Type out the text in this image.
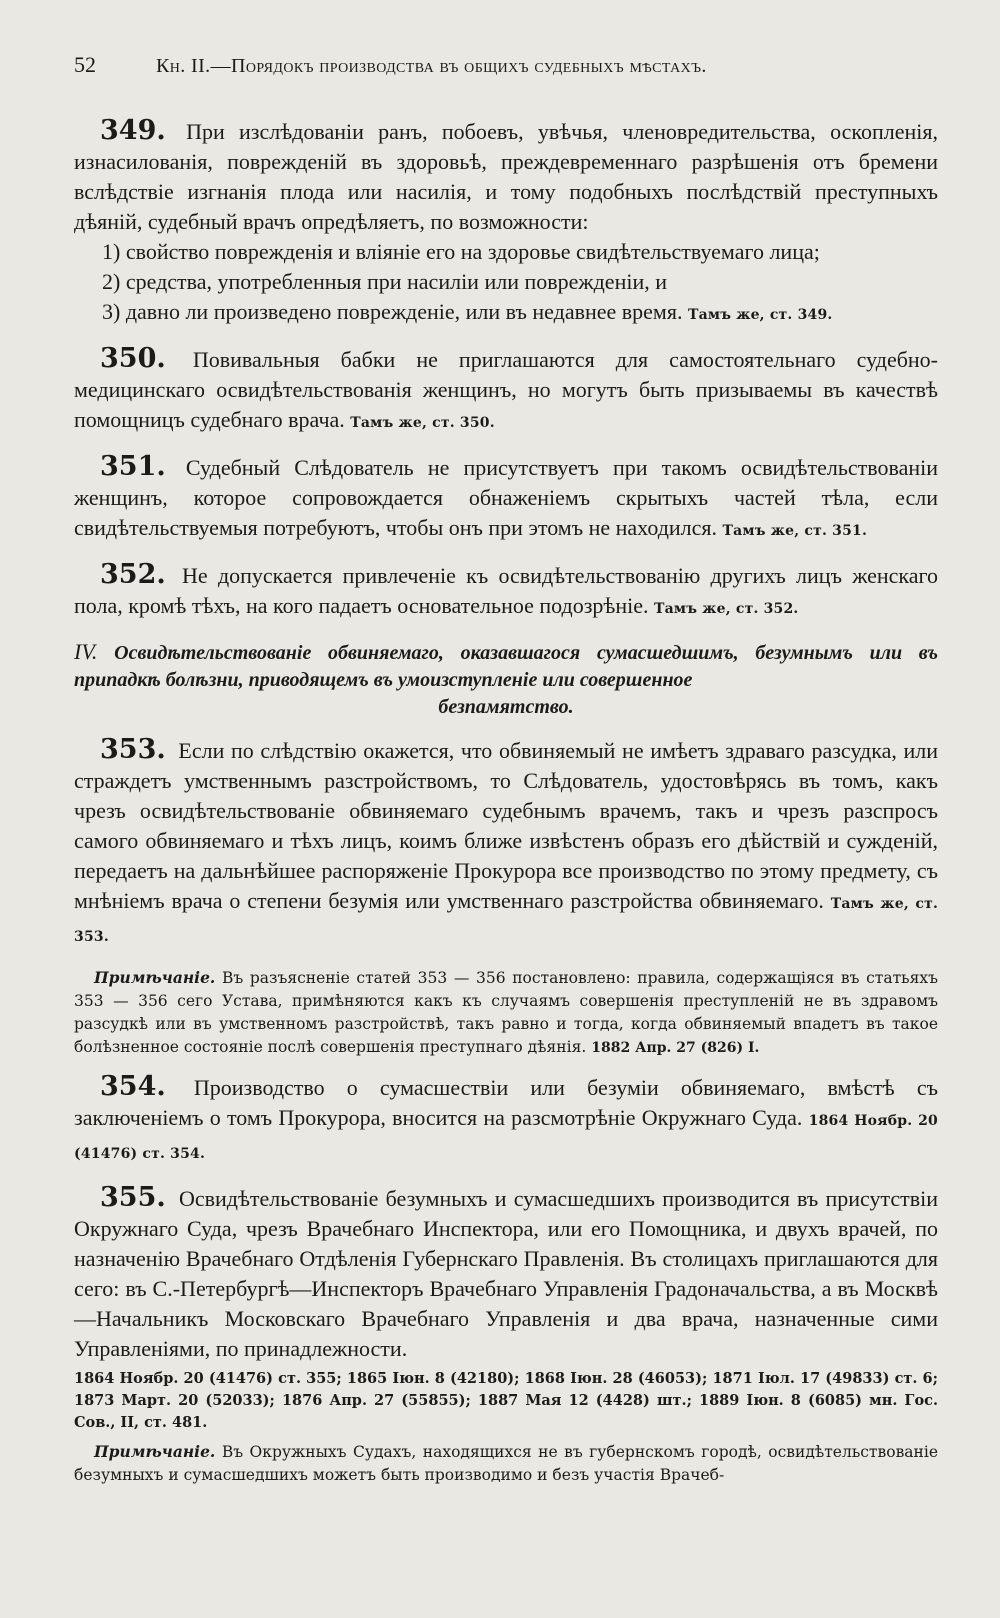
52	Кн. II.—Порядокъ производства въ общихъ судебныхъ мѣстахъ.

349. При изслѣдованіи ранъ, побоевъ, увѣчья, членовредительства, оскопленія, изнасилованія, поврежденій въ здоровьѣ, преждевременнаго разрѣшенія отъ бремени вслѣдствіе изгнанія плода или насилія, и тому подобныхъ послѣдствій преступныхъ дѣяній, судебный врачъ опредѣляетъ, по возможности:

1) свойство поврежденія и вліяніе его на здоровье свидѣтельствуемаго лица;
2) средства, употребленныя при насиліи или поврежденіи, и
3) давно ли произведено поврежденіе, или въ недавнее время. Тамъ же, ст. 349.

350. Повивальныя бабки не приглашаются для самостоятельнаго судебно-медицинскаго освидѣтельствованія женщинъ, но могутъ быть призываемы въ качествѣ помощницъ судебнаго врача. Тамъ же, ст. 350.

351. Судебный Слѣдователь не присутствуетъ при такомъ освидѣтельствованіи женщинъ, которое сопровождается обнаженіемъ скрытыхъ частей тѣла, если свидѣтельствуемыя потребуютъ, чтобы онъ при этомъ не находился. Тамъ же, ст. 351.

352. Не допускается привлеченіе къ освидѣтельствованію другихъ лицъ женскаго пола, кромѣ тѣхъ, на кого падаетъ основательное подозрѣніе. Тамъ же, ст. 352.

IV. Освидѣтельствованіе обвиняемаго, оказавшагося сумасшедшимъ, безумнымъ или въ припадкѣ болѣзни, приводящемъ въ умоизступленіе или совершенное
безпамятство.

353. Если по слѣдствію окажется, что обвиняемый не имѣетъ здраваго разсудка, или страждетъ умственнымъ разстройствомъ, то Слѣдователь, удостовѣрясь въ томъ, какъ чрезъ освидѣтельствованіе обвиняемаго судебнымъ врачемъ, такъ и чрезъ разспросъ самого обвиняемаго и тѣхъ лицъ, коимъ ближе извѣстенъ образъ его дѣйствій и сужденій, передаетъ на дальнѣйшее распоряженіе Прокурора все производство по этому предмету, съ мнѣніемъ врача о степени безумія или умственнаго разстройства обвиняемаго. Тамъ же, ст. 353.

Примѣчаніе. Въ разъясненіе статей 353 — 356 постановлено: правила, содержащіяся въ статьяхъ 353 — 356 сего Устава, примѣняются какъ къ случаямъ совершенія преступленій не въ здравомъ разсудкѣ или въ умственномъ разстройствѣ, такъ равно и тогда, когда обвиняемый впадетъ въ такое болѣзненное состояніе послѣ совершенія преступнаго дѣянія. 1882 Апр. 27 (826) I.

354. Производство о сумасшествіи или безуміи обвиняемаго, вмѣстѣ съ заключеніемъ о томъ Прокурора, вносится на разсмотрѣніе Окружнаго Суда. 1864 Ноябр. 20 (41476) ст. 354.

355. Освидѣтельствованіе безумныхъ и сумасшедшихъ производится въ присутствіи Окружнаго Суда, чрезъ Врачебнаго Инспектора, или его Помощника, и двухъ врачей, по назначенію Врачебнаго Отдѣленія Губернскаго Правленія. Въ столицахъ приглашаются для сего: въ С.-Петербургѣ—Инспекторъ Врачебнаго Управленія Градоначальства, а въ Москвѣ—Начальникъ Московскаго Врачебнаго Управленія и два врача, назначенные сими Управленіями, по принадлежности.

1864 Ноябр. 20 (41476) ст. 355; 1865 Іюн. 8 (42180); 1868 Іюн. 28 (46053); 1871 Іюл. 17 (49833) ст. 6; 1873 Март. 20 (52033); 1876 Апр. 27 (55855); 1887 Мая 12 (4428) шт.; 1889 Іюн. 8 (6085) мн. Гос. Сов., II, ст. 481.

Примѣчаніе. Въ Окружныхъ Судахъ, находящихся не въ губернскомъ городѣ, освидѣтельствованіе безумныхъ и сумасшедшихъ можетъ быть производимо и безъ участія Врачеб-
